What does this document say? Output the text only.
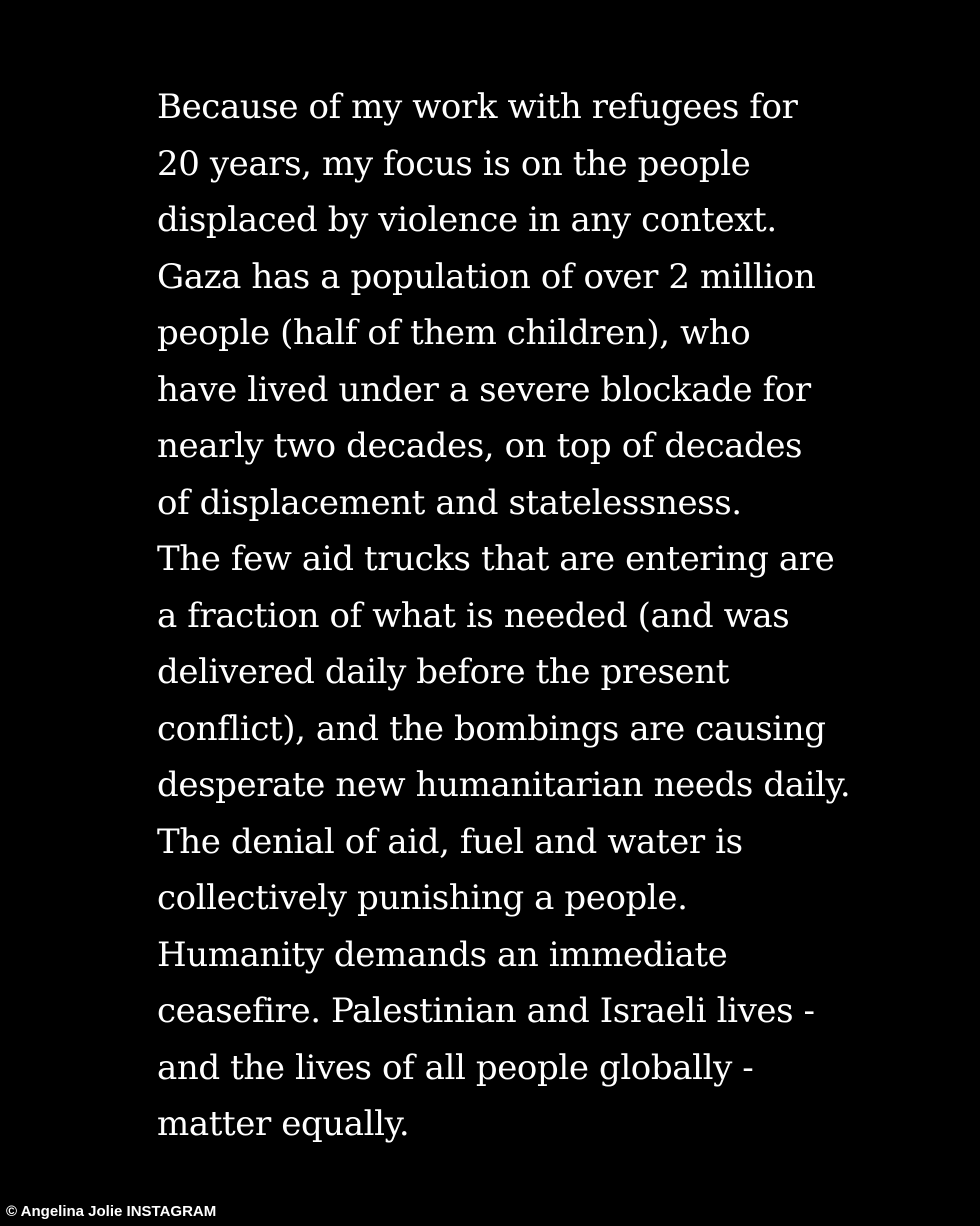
Because of my work with refugees for
20 years, my focus is on the people
displaced by violence in any context.
Gaza has a population of over 2 million
people (half of them children), who
have lived under a severe blockade for
nearly two decades, on top of decades
of displacement and statelessness.
The few aid trucks that are entering are
a fraction of what is needed (and was
delivered daily before the present
conflict), and the bombings are causing
desperate new humanitarian needs daily.
The denial of aid, fuel and water is
collectively punishing a people.
Humanity demands an immediate
ceasefire. Palestinian and Israeli lives -
and the lives of all people globally -
matter equally.
© Angelina Jolie INSTAGRAM
